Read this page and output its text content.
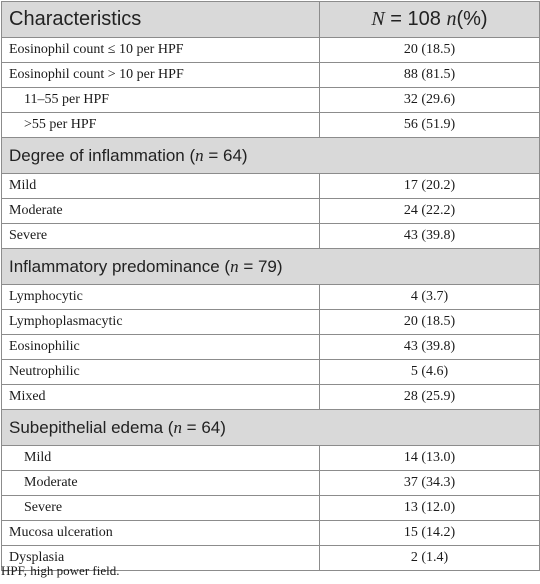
Characteristics	N = 108 n(%)
Eosinophil count ≤ 10 per HPF	20 (18.5)
Eosinophil count > 10 per HPF	88 (81.5)
11–55 per HPF	32 (29.6)
>55 per HPF	56 (51.9)
Degree of inflammation (n = 64)	
Mild	17 (20.2)
Moderate	24 (22.2)
Severe	43 (39.8)
Inflammatory predominance (n = 79)	
Lymphocytic	4 (3.7)
Lymphoplasmacytic	20 (18.5)
Eosinophilic	43 (39.8)
Neutrophilic	5 (4.6)
Mixed	28 (25.9)
Subepithelial edema (n = 64)	
Mild	14 (13.0)
Moderate	37 (34.3)
Severe	13 (12.0)
Mucosa ulceration	15 (14.2)
Dysplasia	2 (1.4)
HPF, high power field.
